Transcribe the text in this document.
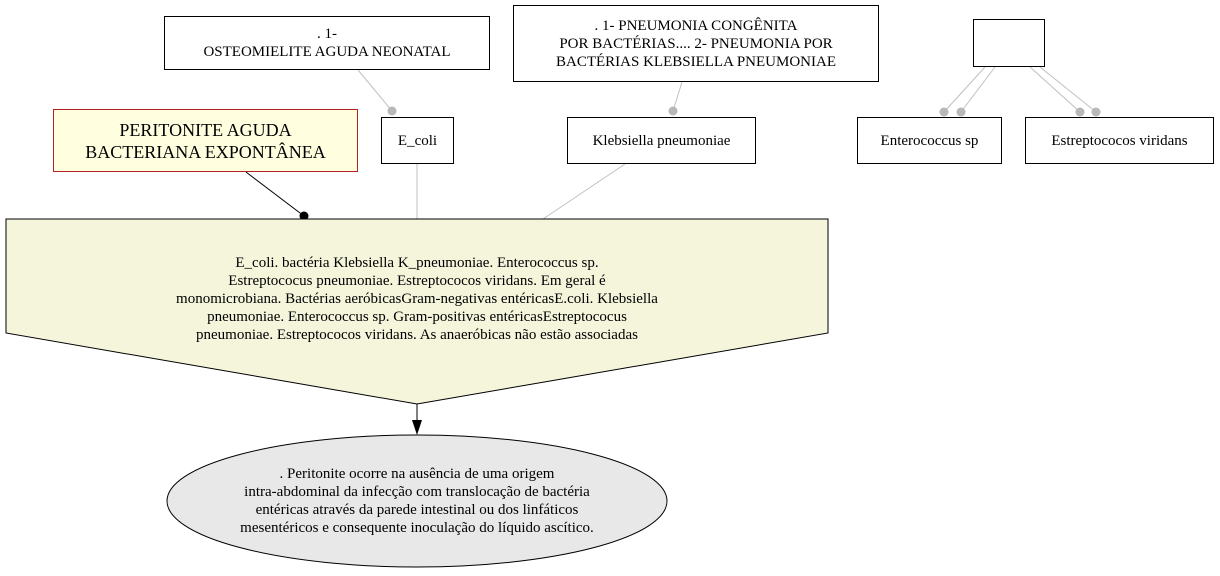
. 1-
OSTEOMIELITE AGUDA NEONATAL
. 1- PNEUMONIA CONGÊNITA
POR BACTÉRIAS.... 2- PNEUMONIA POR
BACTÉRIAS KLEBSIELLA PNEUMONIAE
PERITONITE AGUDA
BACTERIANA EXPONTÂNEA
E_coli	Klebsiella pneumoniae	Enterococcus sp	Estreptococos viridans
E_coli. bactéria Klebsiella K_pneumoniae. Enterococcus sp.
Estreptococus pneumoniae. Estreptococos viridans. Em geral é
monomicrobiana. Bactérias aeróbicasGram-negativas entéricasE.coli. Klebsiella
pneumoniae. Enterococcus sp. Gram-positivas entéricasEstreptococus
pneumoniae. Estreptococos viridans. As anaeróbicas não estão associadas
. Peritonite ocorre na ausência de uma origem
intra-abdominal da infecção com translocação de bactéria
entéricas através da parede intestinal ou dos linfáticos
mesentéricos e consequente inoculação do líquido ascítico.
